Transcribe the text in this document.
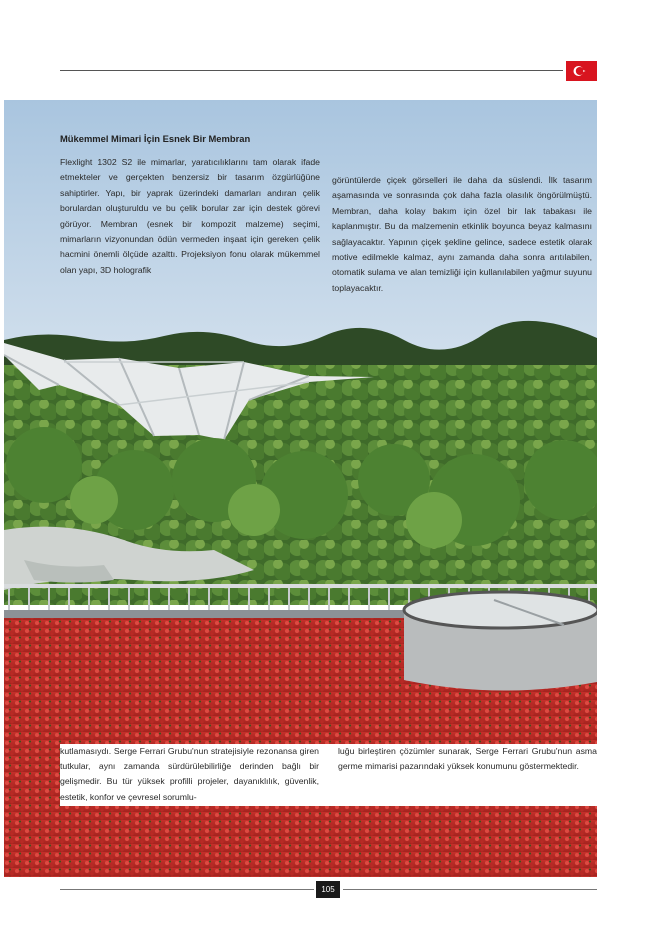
Mükemmel Mimari İçin Esnek Bir Membran
Flexlight 1302 S2 ile mimarlar, yaratıcılıklarını tam olarak ifade etmekteler ve gerçekten benzersiz bir tasarım özgürlüğüne sahiptirler. Yapı, bir yaprak üzerindeki damarları andıran çelik borulardan oluşturuldu ve bu çelik borular zar için destek görevi görüyor. Membran (esnek bir kompozit malzeme) seçimi, mimarların vizyonundan ödün vermeden inşaat için gereken çelik hacmini önemli ölçüde azalttı. Projeksiyon fonu olarak mükemmel olan yapı, 3D holografik
görüntülerde çiçek görselleri ile daha da süslendi. İlk tasarım aşamasında ve sonrasında çok daha fazla olasılık öngörülmüştü. Membran, daha kolay bakım için özel bir lak tabakası ile kaplanmıştır. Bu da malzemenin etkinlik boyunca beyaz kalmasını sağlayacaktır. Yapının çiçek şekline gelince, sadece estetik olarak motive edilmekle kalmaz, aynı zamanda daha sonra arıtılabilen, otomatik sulama ve alan temizliği için kullanılabilen yağmur suyunu toplayacaktır.
kutlamasıydı. Serge Ferrari Grubu'nun stratejisiyle rezonansa giren tutkular, aynı zamanda sürdürülebilirliğe derinden bağlı bir gelişmedir. Bu tür yüksek profilli projeler, dayanıklılık, güvenlik, estetik, konfor ve çevresel sorumlu-
luğu birleştiren çözümler sunarak, Serge Ferrari Grubu'nun asma germe mimarisi pazarındaki yüksek konumunu göstermektedir.
105
